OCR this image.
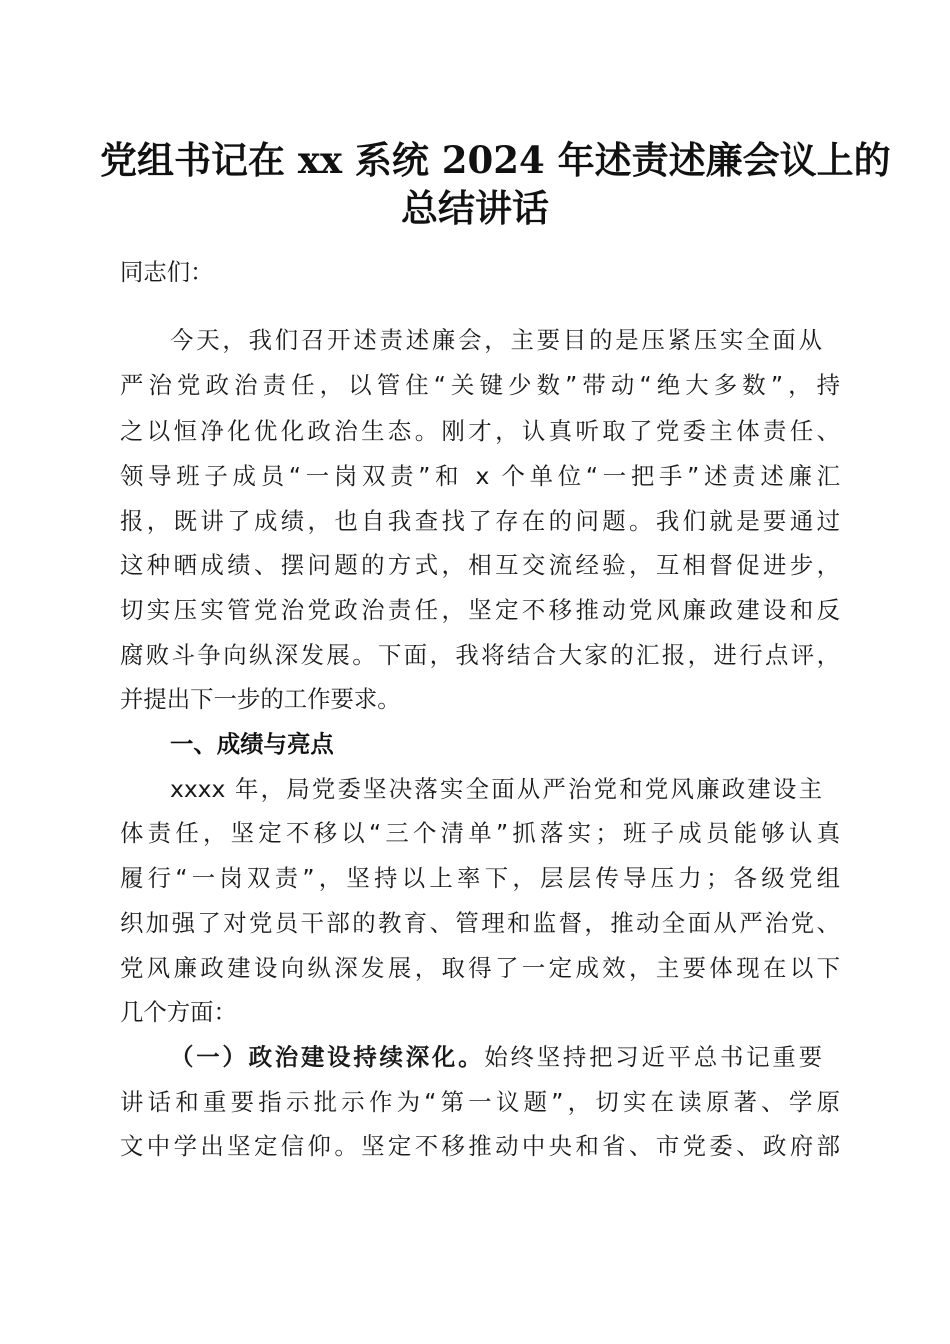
党组书记在 xx 系统 2024 年述责述廉会议上的
总结讲话

同志们：

今天，我们召开述责述廉会，主要目的是压紧压实全面从

严治党政治责任，以管住“关键少数”带动“绝大多数”，持

之以恒净化优化政治生态。刚才，认真听取了党委主体责任、

领导班子成员“一岗双责”和 x 个单位“一把手”述责述廉汇

报，既讲了成绩，也自我查找了存在的问题。我们就是要通过

这种晒成绩、摆问题的方式，相互交流经验，互相督促进步，

切实压实管党治党政治责任，坚定不移推动党风廉政建设和反

腐败斗争向纵深发展。下面，我将结合大家的汇报，进行点评，

并提出下一步的工作要求。

一、成绩与亮点

xxxx 年，局党委坚决落实全面从严治党和党风廉政建设主

体责任，坚定不移以“三个清单”抓落实；班子成员能够认真

履行“一岗双责”，坚持以上率下，层层传导压力；各级党组

织加强了对党员干部的教育、管理和监督，推动全面从严治党、

党风廉政建设向纵深发展，取得了一定成效，主要体现在以下

几个方面：

（一）政治建设持续深化。始终坚持把习近平总书记重要

讲话和重要指示批示作为“第一议题”，切实在读原著、学原

文中学出坚定信仰。坚定不移推动中央和省、市党委、政府部
